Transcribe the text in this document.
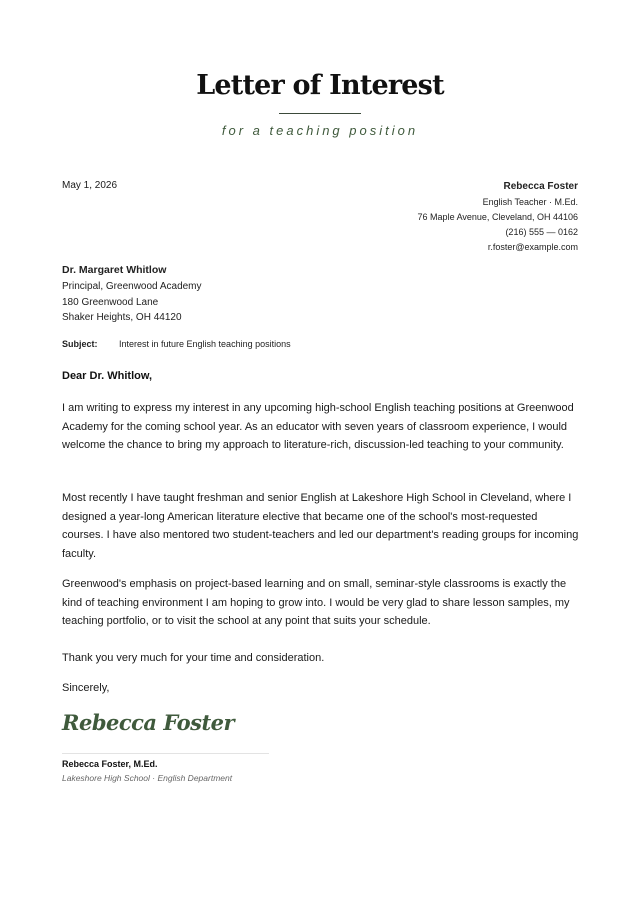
Letter of Interest
for a teaching position
May 1, 2026	Rebecca Foster
English Teacher · M.Ed.
76 Maple Avenue, Cleveland, OH 44106
(216) 555 — 0162
r.foster@example.com
Dr. Margaret Whitlow
Principal, Greenwood Academy
180 Greenwood Lane
Shaker Heights, OH 44120
Subject: Interest in future English teaching positions
Dear Dr. Whitlow,

I am writing to express my interest in any upcoming high-school English teaching positions at Greenwood Academy for the coming school year. As an educator with seven years of classroom experience, I would welcome the chance to bring my approach to literature-rich, discussion-led teaching to your community.

Most recently I have taught freshman and senior English at Lakeshore High School in Cleveland, where I designed a year-long American literature elective that became one of the school's most-requested courses. I have also mentored two student-teachers and led our department's reading groups for incoming faculty.

Greenwood's emphasis on project-based learning and on small, seminar-style classrooms is exactly the kind of teaching environment I am hoping to grow into. I would be very glad to share lesson samples, my teaching portfolio, or to visit the school at any point that suits your schedule.

Thank you very much for your time and consideration.

Sincerely,
Rebecca Foster
Rebecca Foster, M.Ed.
Lakeshore High School · English Department
